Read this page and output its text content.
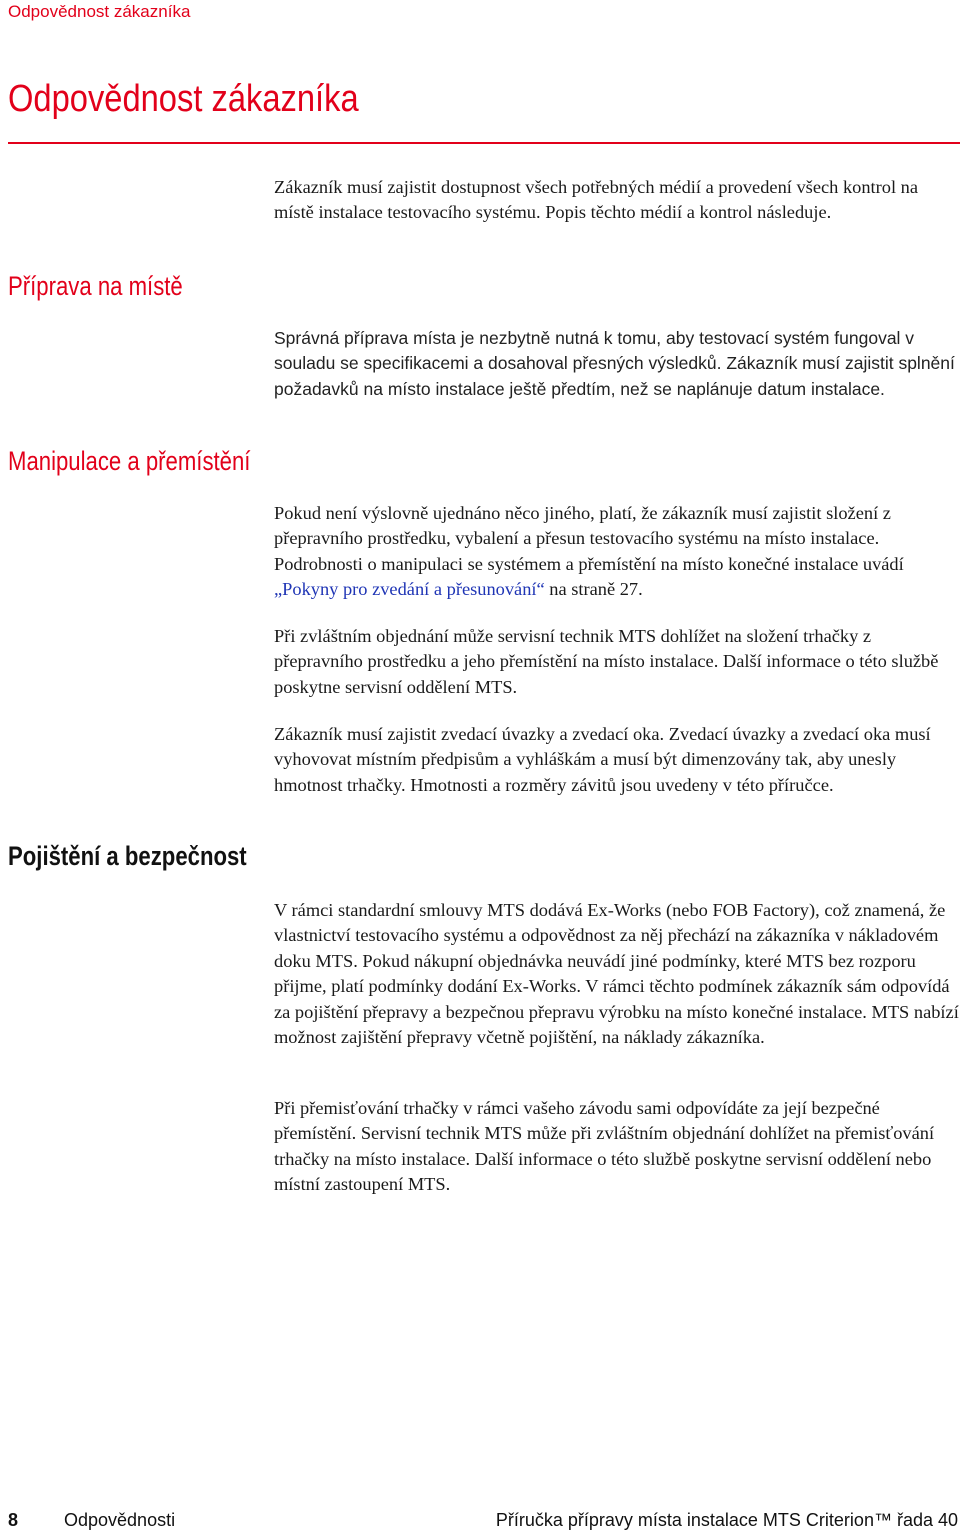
Odpovědnost zákazníka
Odpovědnost zákazníka

Zákazník musí zajistit dostupnost všech potřebných médií a provedení všech kontrol na místě instalace testovacího systému. Popis těchto médií a kontrol následuje.

Příprava na místě

Správná příprava místa je nezbytně nutná k tomu, aby testovací systém fungoval v souladu se specifikacemi a dosahoval přesných výsledků. Zákazník musí zajistit splnění požadavků na místo instalace ještě předtím, než se naplánuje datum instalace.

Manipulace a přemístění

Pokud není výslovně ujednáno něco jiného, platí, že zákazník musí zajistit složení z přepravního prostředku, vybalení a přesun testovacího systému na místo instalace. Podrobnosti o manipulaci se systémem a přemístění na místo konečné instalace uvádí „Pokyny pro zvedání a přesunování“ na straně 27.

Při zvláštním objednání může servisní technik MTS dohlížet na složení trhačky z přepravního prostředku a jeho přemístění na místo instalace. Další informace o této službě poskytne servisní oddělení MTS.

Zákazník musí zajistit zvedací úvazky a zvedací oka. Zvedací úvazky a zvedací oka musí vyhovovat místním předpisům a vyhláškám a musí být dimenzovány tak, aby unesly hmotnost trhačky. Hmotnosti a rozměry závitů jsou uvedeny v této příručce.

Pojištění a bezpečnost

V rámci standardní smlouvy MTS dodává Ex-Works (nebo FOB Factory), což znamená, že vlastnictví testovacího systému a odpovědnost za něj přechází na zákazníka v nákladovém doku MTS. Pokud nákupní objednávka neuvádí jiné podmínky, které MTS bez rozporu přijme, platí podmínky dodání Ex-Works. V rámci těchto podmínek zákazník sám odpovídá za pojištění přepravy a bezpečnou přepravu výrobku na místo konečné instalace. MTS nabízí možnost zajištění přepravy včetně pojištění, na náklady zákazníka.

Při přemisťování trhačky v rámci vašeho závodu sami odpovídáte za její bezpečné přemístění. Servisní technik MTS může při zvláštním objednání dohlížet na přemisťování trhačky na místo instalace. Další informace o této službě poskytne servisní oddělení nebo místní zastoupení MTS.

8	Odpovědnosti	Příručka přípravy místa instalace MTS Criterion™ řada 40
